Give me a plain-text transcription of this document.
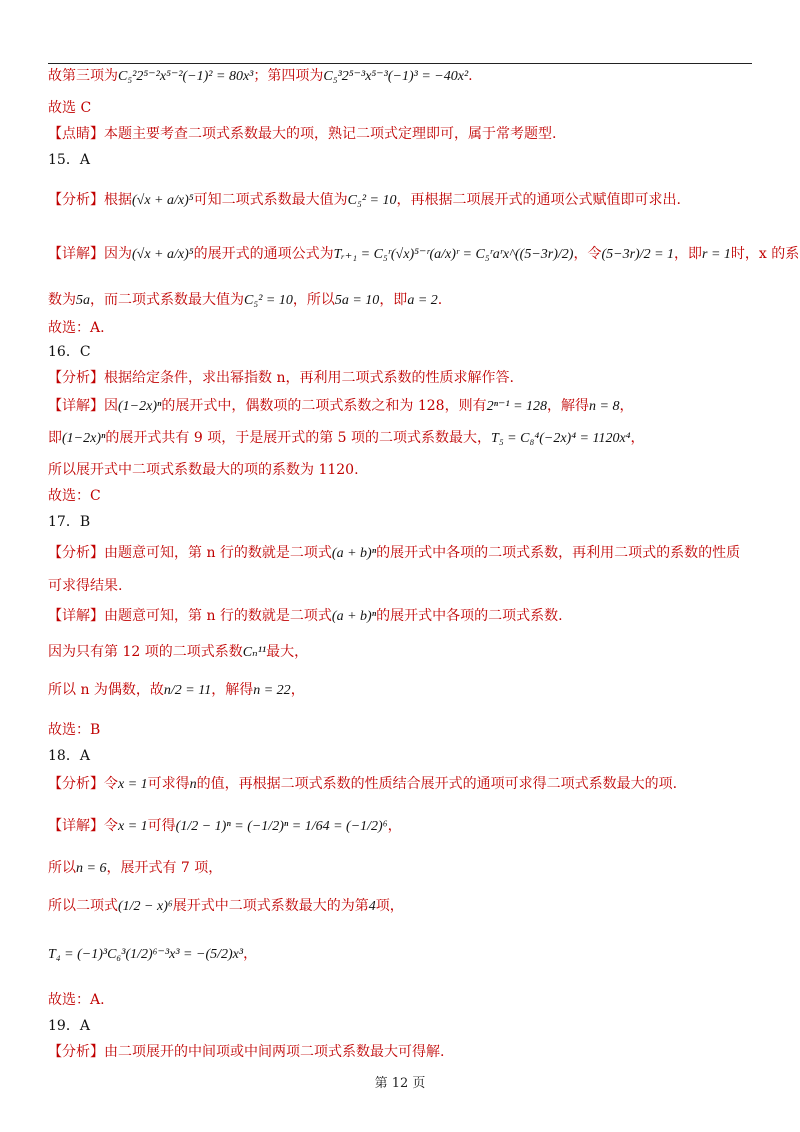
故第三项为C₅²2⁵⁻²x⁵⁻²(−1)² = 80x³；第四项为C₅³2⁵⁻³x⁵⁻³(−1)³ = −40x².
故选 C
【点睛】本题主要考查二项式系数最大的项，熟记二项式定理即可，属于常考题型.
15．A
【分析】根据(√x + a/x)⁵可知二项式系数最大值为C₅² = 10，再根据二项展开式的通项公式赋值即可求出.
【详解】因为(√x + a/x)⁵的展开式的通项公式为Tᵣ₊₁ = C₅ʳ(√x)⁵⁻ʳ(a/x)ʳ = C₅ʳaʳx^((5−3r)/2)，令(5−3r)/2 = 1，即r = 1时，x 的系
数为5a，而二项式系数最大值为C₅² = 10，所以5a = 10，即a = 2.
故选：A.
16．C
【分析】根据给定条件，求出幂指数 n，再利用二项式系数的性质求解作答.
【详解】因(1−2x)ⁿ的展开式中，偶数项的二项式系数之和为 128，则有2ⁿ⁻¹ = 128，解得n = 8，
即(1−2x)ⁿ的展开式共有 9 项，于是展开式的第 5 项的二项式系数最大，T₅ = C₈⁴(−2x)⁴ = 1120x⁴，
所以展开式中二项式系数最大的项的系数为 1120.
故选：C
17．B
【分析】由题意可知，第 n 行的数就是二项式(a + b)ⁿ的展开式中各项的二项式系数，再利用二项式的系数的性质
可求得结果.
【详解】由题意可知，第 n 行的数就是二项式(a + b)ⁿ的展开式中各项的二项式系数.
因为只有第 12 项的二项式系数Cₙ¹¹最大，
所以 n 为偶数，故n/2 = 11，解得n = 22，
故选：B
18．A
【分析】令x = 1可求得n的值，再根据二项式系数的性质结合展开式的通项可求得二项式系数最大的项.
【详解】令x = 1可得(1/2 − 1)ⁿ = (−1/2)ⁿ = 1/64 = (−1/2)⁶，
所以n = 6，展开式有 7 项，
所以二项式(1/2 − x)⁶展开式中二项式系数最大的为第4项，
T₄ = (−1)³C₆³(1/2)⁶⁻³x³ = −(5/2)x³，
故选：A.
19．A
【分析】由二项展开的中间项或中间两项二项式系数最大可得解.
第 12 页
